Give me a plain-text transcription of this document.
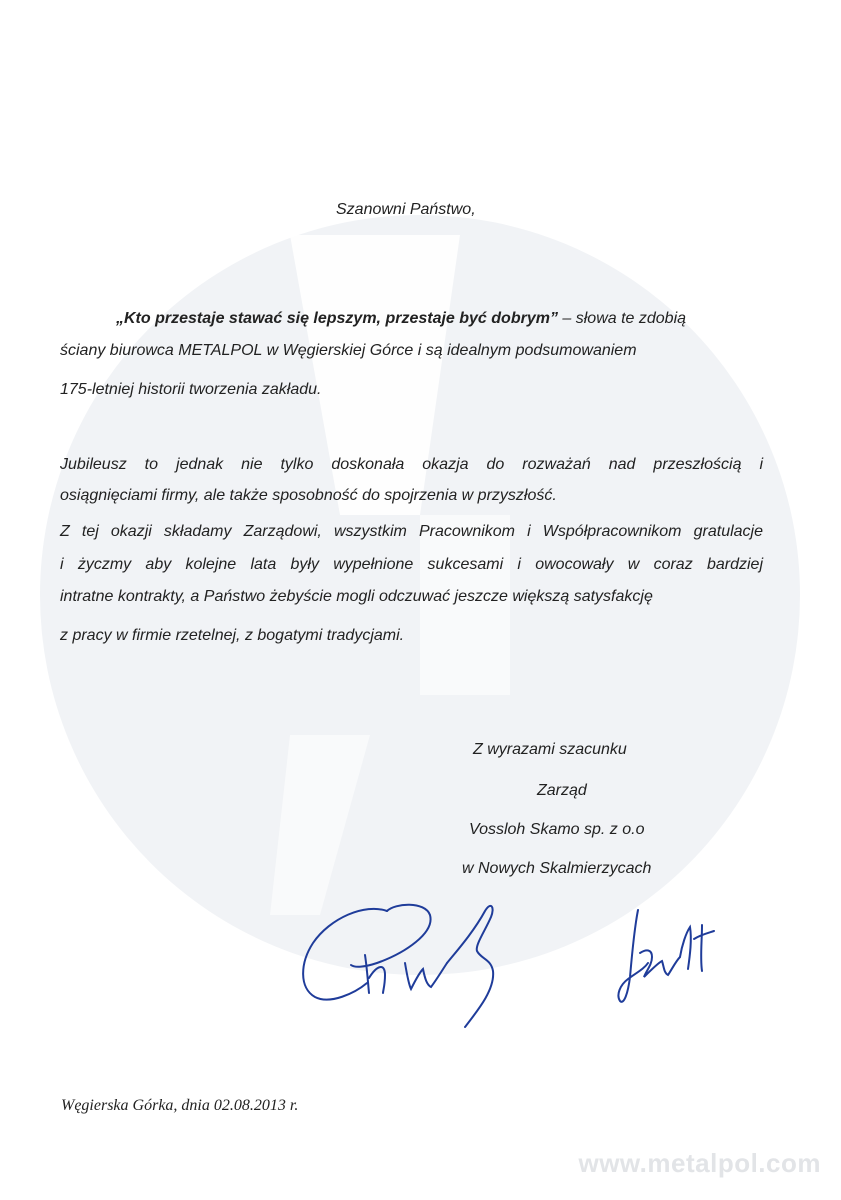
Szanowni Państwo,
„Kto przestaje stawać się lepszym, przestaje być dobrym” – słowa te zdobią
ściany biurowca METALPOL w Węgierskiej Górce i są idealnym podsumowaniem
175-letniej historii tworzenia zakładu.
Jubileusz to jednak nie tylko doskonała okazja do rozważań nad przeszłością i
osiągnięciami firmy, ale także sposobność do spojrzenia w przyszłość.
Z tej okazji składamy Zarządowi, wszystkim Pracownikom i Współpracownikom gratulacje
i życzmy aby kolejne lata były wypełnione sukcesami i owocowały w coraz bardziej
intratne kontrakty, a Państwo żebyście mogli odczuwać jeszcze większą satysfakcję
z pracy w firmie rzetelnej, z bogatymi tradycjami.
Z wyrazami szacunku
Zarząd
Vossloh Skamo sp. z o.o
w Nowych Skalmierzycach
Węgierska Górka, dnia 02.08.2013 r.
www.metalpol.com
